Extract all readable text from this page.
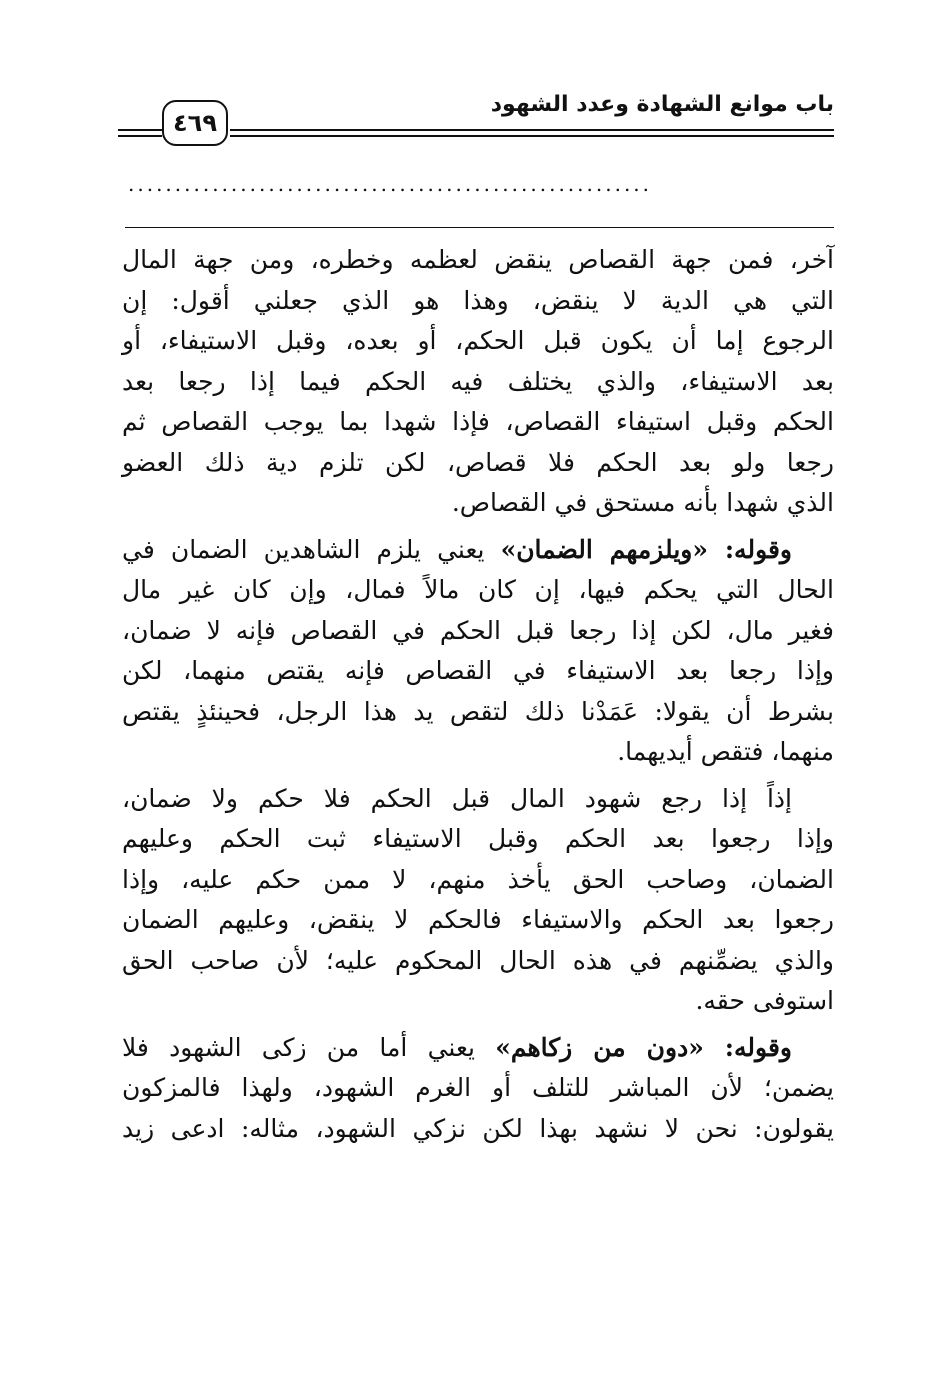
باب موانع الشهادة وعدد الشهود
٤٦٩
........................................................
آخر، فمن جهة القصاص ينقض لعظمه وخطره، ومن جهة المال
التي هي الدية لا ينقض، وهذا هو الذي جعلني أقول: إن
الرجوع إما أن يكون قبل الحكم، أو بعده، وقبل الاستيفاء، أو
بعد الاستيفاء، والذي يختلف فيه الحكم فيما إذا رجعا بعد
الحكم وقبل استيفاء القصاص، فإذا شهدا بما يوجب القصاص ثم
رجعا ولو بعد الحكم فلا قصاص، لكن تلزم دية ذلك العضو
الذي شهدا بأنه مستحق في القصاص.
وقوله: «ويلزمهم الضمان» يعني يلزم الشاهدين الضمان في
الحال التي يحكم فيها، إن كان مالاً فمال، وإن كان غير مال
فغير مال، لكن إذا رجعا قبل الحكم في القصاص فإنه لا ضمان،
وإذا رجعا بعد الاستيفاء في القصاص فإنه يقتص منهما، لكن
بشرط أن يقولا: عَمَدْنا ذلك لتقص يد هذا الرجل، فحينئذٍ يقتص
منهما، فتقص أيديهما.
إذاً إذا رجع شهود المال قبل الحكم فلا حكم ولا ضمان،
وإذا رجعوا بعد الحكم وقبل الاستيفاء ثبت الحكم وعليهم
الضمان، وصاحب الحق يأخذ منهم، لا ممن حكم عليه، وإذا
رجعوا بعد الحكم والاستيفاء فالحكم لا ينقض، وعليهم الضمان
والذي يضمِّنهم في هذه الحال المحكوم عليه؛ لأن صاحب الحق
استوفى حقه.
وقوله: «دون من زكاهم» يعني أما من زكى الشهود فلا
يضمن؛ لأن المباشر للتلف أو الغرم الشهود، ولهذا فالمزكون
يقولون: نحن لا نشهد بهذا لكن نزكي الشهود، مثاله: ادعى زيد
